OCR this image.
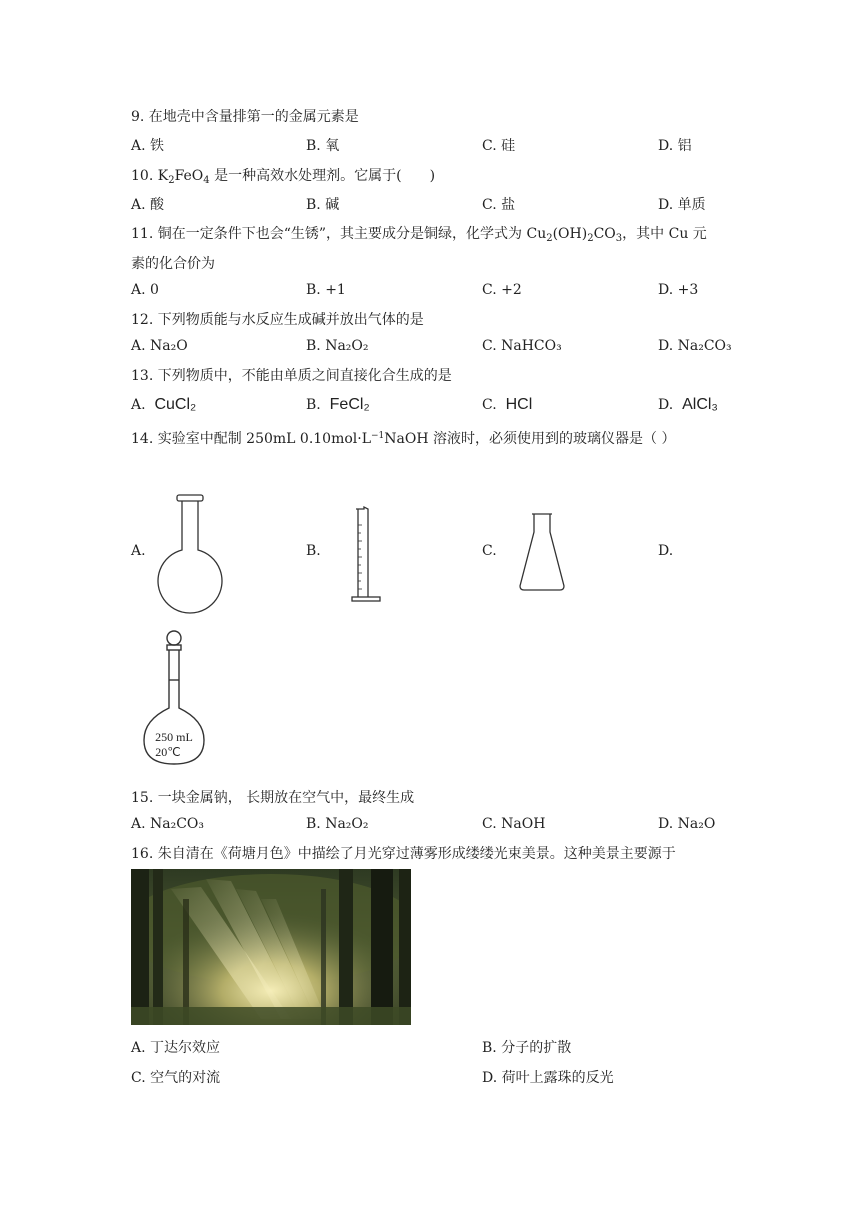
9. 在地壳中含量排第一的金属元素是
A. 铁	B. 氧	C. 硅	D. 铝
10. $K_2FeO_4$ 是一种高效水处理剂。它属于(　　)
A. 酸	B. 碱	C. 盐	D. 单质
11. 铜在一定条件下也会“生锈”，其主要成分是铜绿，化学式为 $Cu_2(OH)_2CO_3$，其中 Cu 元
素的化合价为
A. 0	B. +1	C. +2	D. +3
12. 下列物质能与水反应生成碱并放出气体的是
A. Na₂O	B. Na₂O₂	C. NaHCO₃	D. Na₂CO₃
13. 下列物质中，不能由单质之间直接化合生成的是
A. CuCl₂	B. FeCl₂	C. HCl	D. AlCl₃
14. 实验室中配制 250mL $0.10mol\cdot L^{-1}NaOH$ 溶液时，必须使用到的玻璃仪器是（ ）
A.	B.	C.	D.
250 mL
20℃
15. 一块金属钠， 长期放在空气中，最终生成
A. Na₂CO₃	B. Na₂O₂	C. NaOH	D. Na₂O
16. 朱自清在《荷塘月色》中描绘了月光穿过薄雾形成缕缕光束美景。这种美景主要源于
A. 丁达尔效应	B. 分子的扩散
C. 空气的对流	D. 荷叶上露珠的反光
